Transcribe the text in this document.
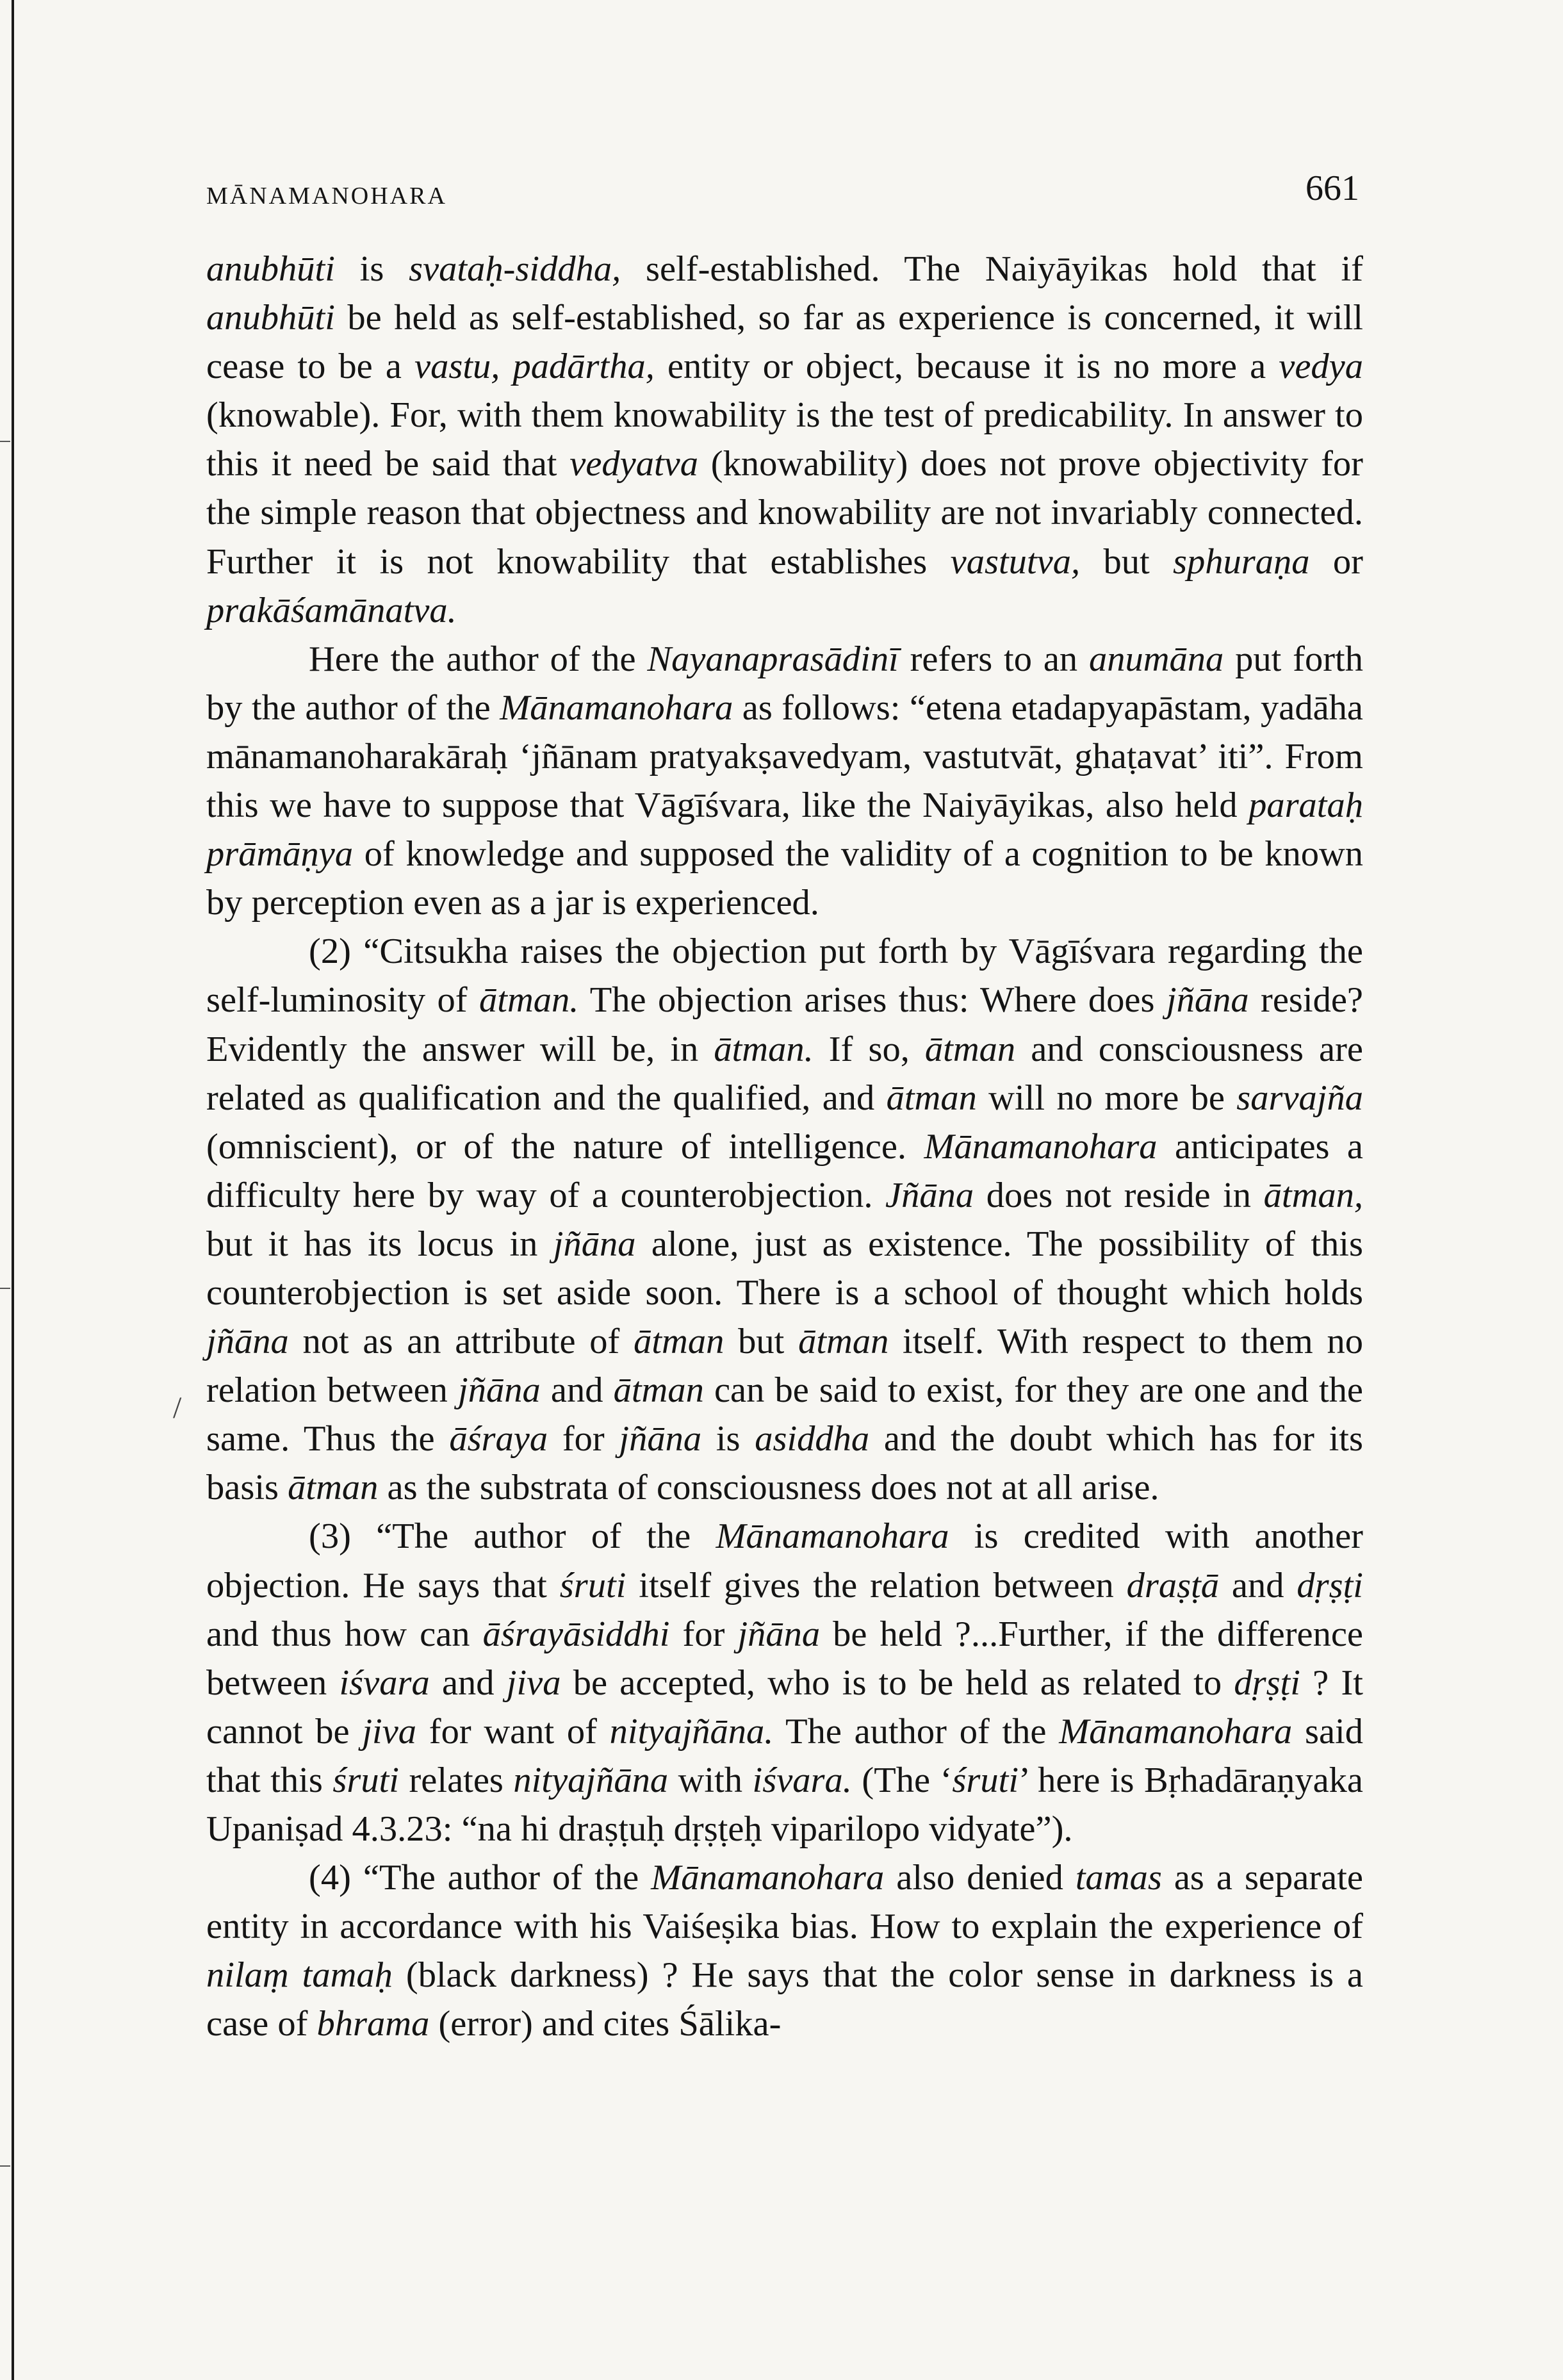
/
MĀNAMANOHARA	661

anubhūti is svataḥ-siddha, self-established. The Naiyāyikas hold that if anubhūti be held as self-established, so far as experience is concerned, it will cease to be a vastu, padārtha, entity or object, because it is no more a vedya (knowable). For, with them knowability is the test of predicability. In answer to this it need be said that vedyatva (knowability) does not prove objectivity for the simple reason that objectness and knowability are not invariably connected. Further it is not knowability that establishes vastutva, but sphuraṇa or prakāśamānatva.

Here the author of the Nayanaprasādinī refers to an anumāna put forth by the author of the Mānamanohara as follows: “etena etadapyapāstam, yadāha mānamanoharakāraḥ ‘jñānam pratyakṣavedyam, vastutvāt, ghaṭavat’ iti”. From this we have to suppose that Vāgīśvara, like the Naiyāyikas, also held parataḥ prāmāṇya of knowledge and supposed the validity of a cognition to be known by perception even as a jar is experienced.

(2) “Citsukha raises the objection put forth by Vāgīśvara regarding the self-luminosity of ātman. The objection arises thus: Where does jñāna reside? Evidently the answer will be, in ātman. If so, ātman and consciousness are related as qualification and the qualified, and ātman will no more be sarvajña (omniscient), or of the nature of intelligence. Mānamanohara anticipates a difficulty here by way of a counterobjection. Jñāna does not reside in ātman, but it has its locus in jñāna alone, just as existence. The possibility of this counterobjection is set aside soon. There is a school of thought which holds jñāna not as an attribute of ātman but ātman itself. With respect to them no relation between jñāna and ātman can be said to exist, for they are one and the same. Thus the āśraya for jñāna is asiddha and the doubt which has for its basis ātman as the substrata of consciousness does not at all arise.

(3) “The author of the Mānamanohara is credited with another objection. He says that śruti itself gives the relation between draṣṭā and dṛṣṭi and thus how can āśrayāsiddhi for jñāna be held ?...Further, if the difference between iśvara and jiva be accepted, who is to be held as related to dṛṣṭi ? It cannot be jiva for want of nityajñāna. The author of the Mānamanohara said that this śruti relates nityajñāna with iśvara. (The ‘śruti’ here is Bṛhadāraṇyaka Upaniṣad 4.3.23: “na hi draṣṭuḥ dṛṣṭeḥ viparilopo vidyate”).

(4) “The author of the Mānamanohara also denied tamas as a separate entity in accordance with his Vaiśeṣika bias. How to explain the experience of nilaṃ tamaḥ (black darkness) ? He says that the color sense in darkness is a case of bhrama (error) and cites Śālika-
